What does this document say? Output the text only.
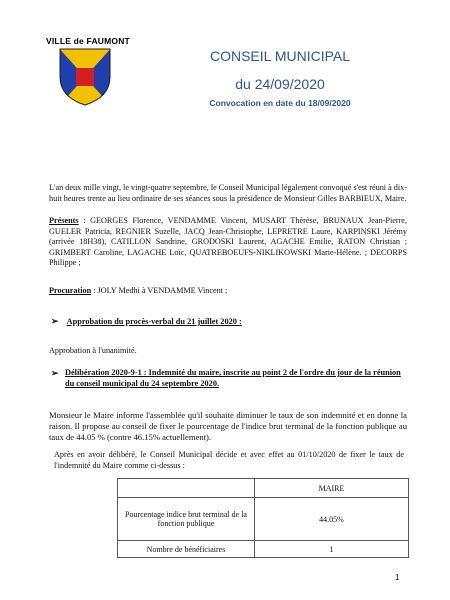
VILLE de FAUMONT
CONSEIL MUNICIPAL
du 24/09/2020
Convocation en date du 18/09/2020
L'an deux mille vingt, le vingt-quatre septembre, le Conseil Municipal légalement convoqué s'est réuni à dix-huit heures trente au lieu ordinaire de ses séances sous la présidence de Monsieur Gilles BARBIEUX, Maire.
Présents : GEORGES Florence, VENDAMME Vincent, MUSART Thérèse, BRUNAUX Jean-Pierre, GUELER Patricia, REGNIER Suzelle, JACQ Jean-Christophe, LEPRETRE Laure, KARPINSKI Jérémy (arrivée 18H38), CATILLON Sandrine, GRODOSKI Laurent, AGACHE Emilie, RATON Christian ; GRIMBERT Caroline, LAGACHE Loïc, QUATREBOEUFS-NIKLIKOWSKI Marie-Hélène. ; DECORPS Philippe ;
Procuration : JOLY Medhi à VENDAMME Vincent ;
➢ Approbation du procès-verbal du 21 juillet 2020 :
Approbation à l'unanimité.
➢ Délibération 2020-9-1 : Indemnité du maire, inscrite au point 2 de l'ordre du jour de la réunion du conseil municipal du 24 septembre 2020.
Monsieur le Maire informe l'assemblée qu'il souhaite diminuer le taux de son indemnité et en donne la raison. Il propose au conseil de fixer le pourcentage de l'indice brut terminal de la fonction publique au taux de 44.05 % (contre 46.15% actuellement).
Après en avoir délibéré, le Conseil Municipal décide et avec effet au 01/10/2020 de fixer le taux de l'indemnité du Maire comme ci-dessus :
	MAIRE
Pourcentage indice brut terminal de la fonction publique	44.05%
Nombre de bénéficiaires	1
1
